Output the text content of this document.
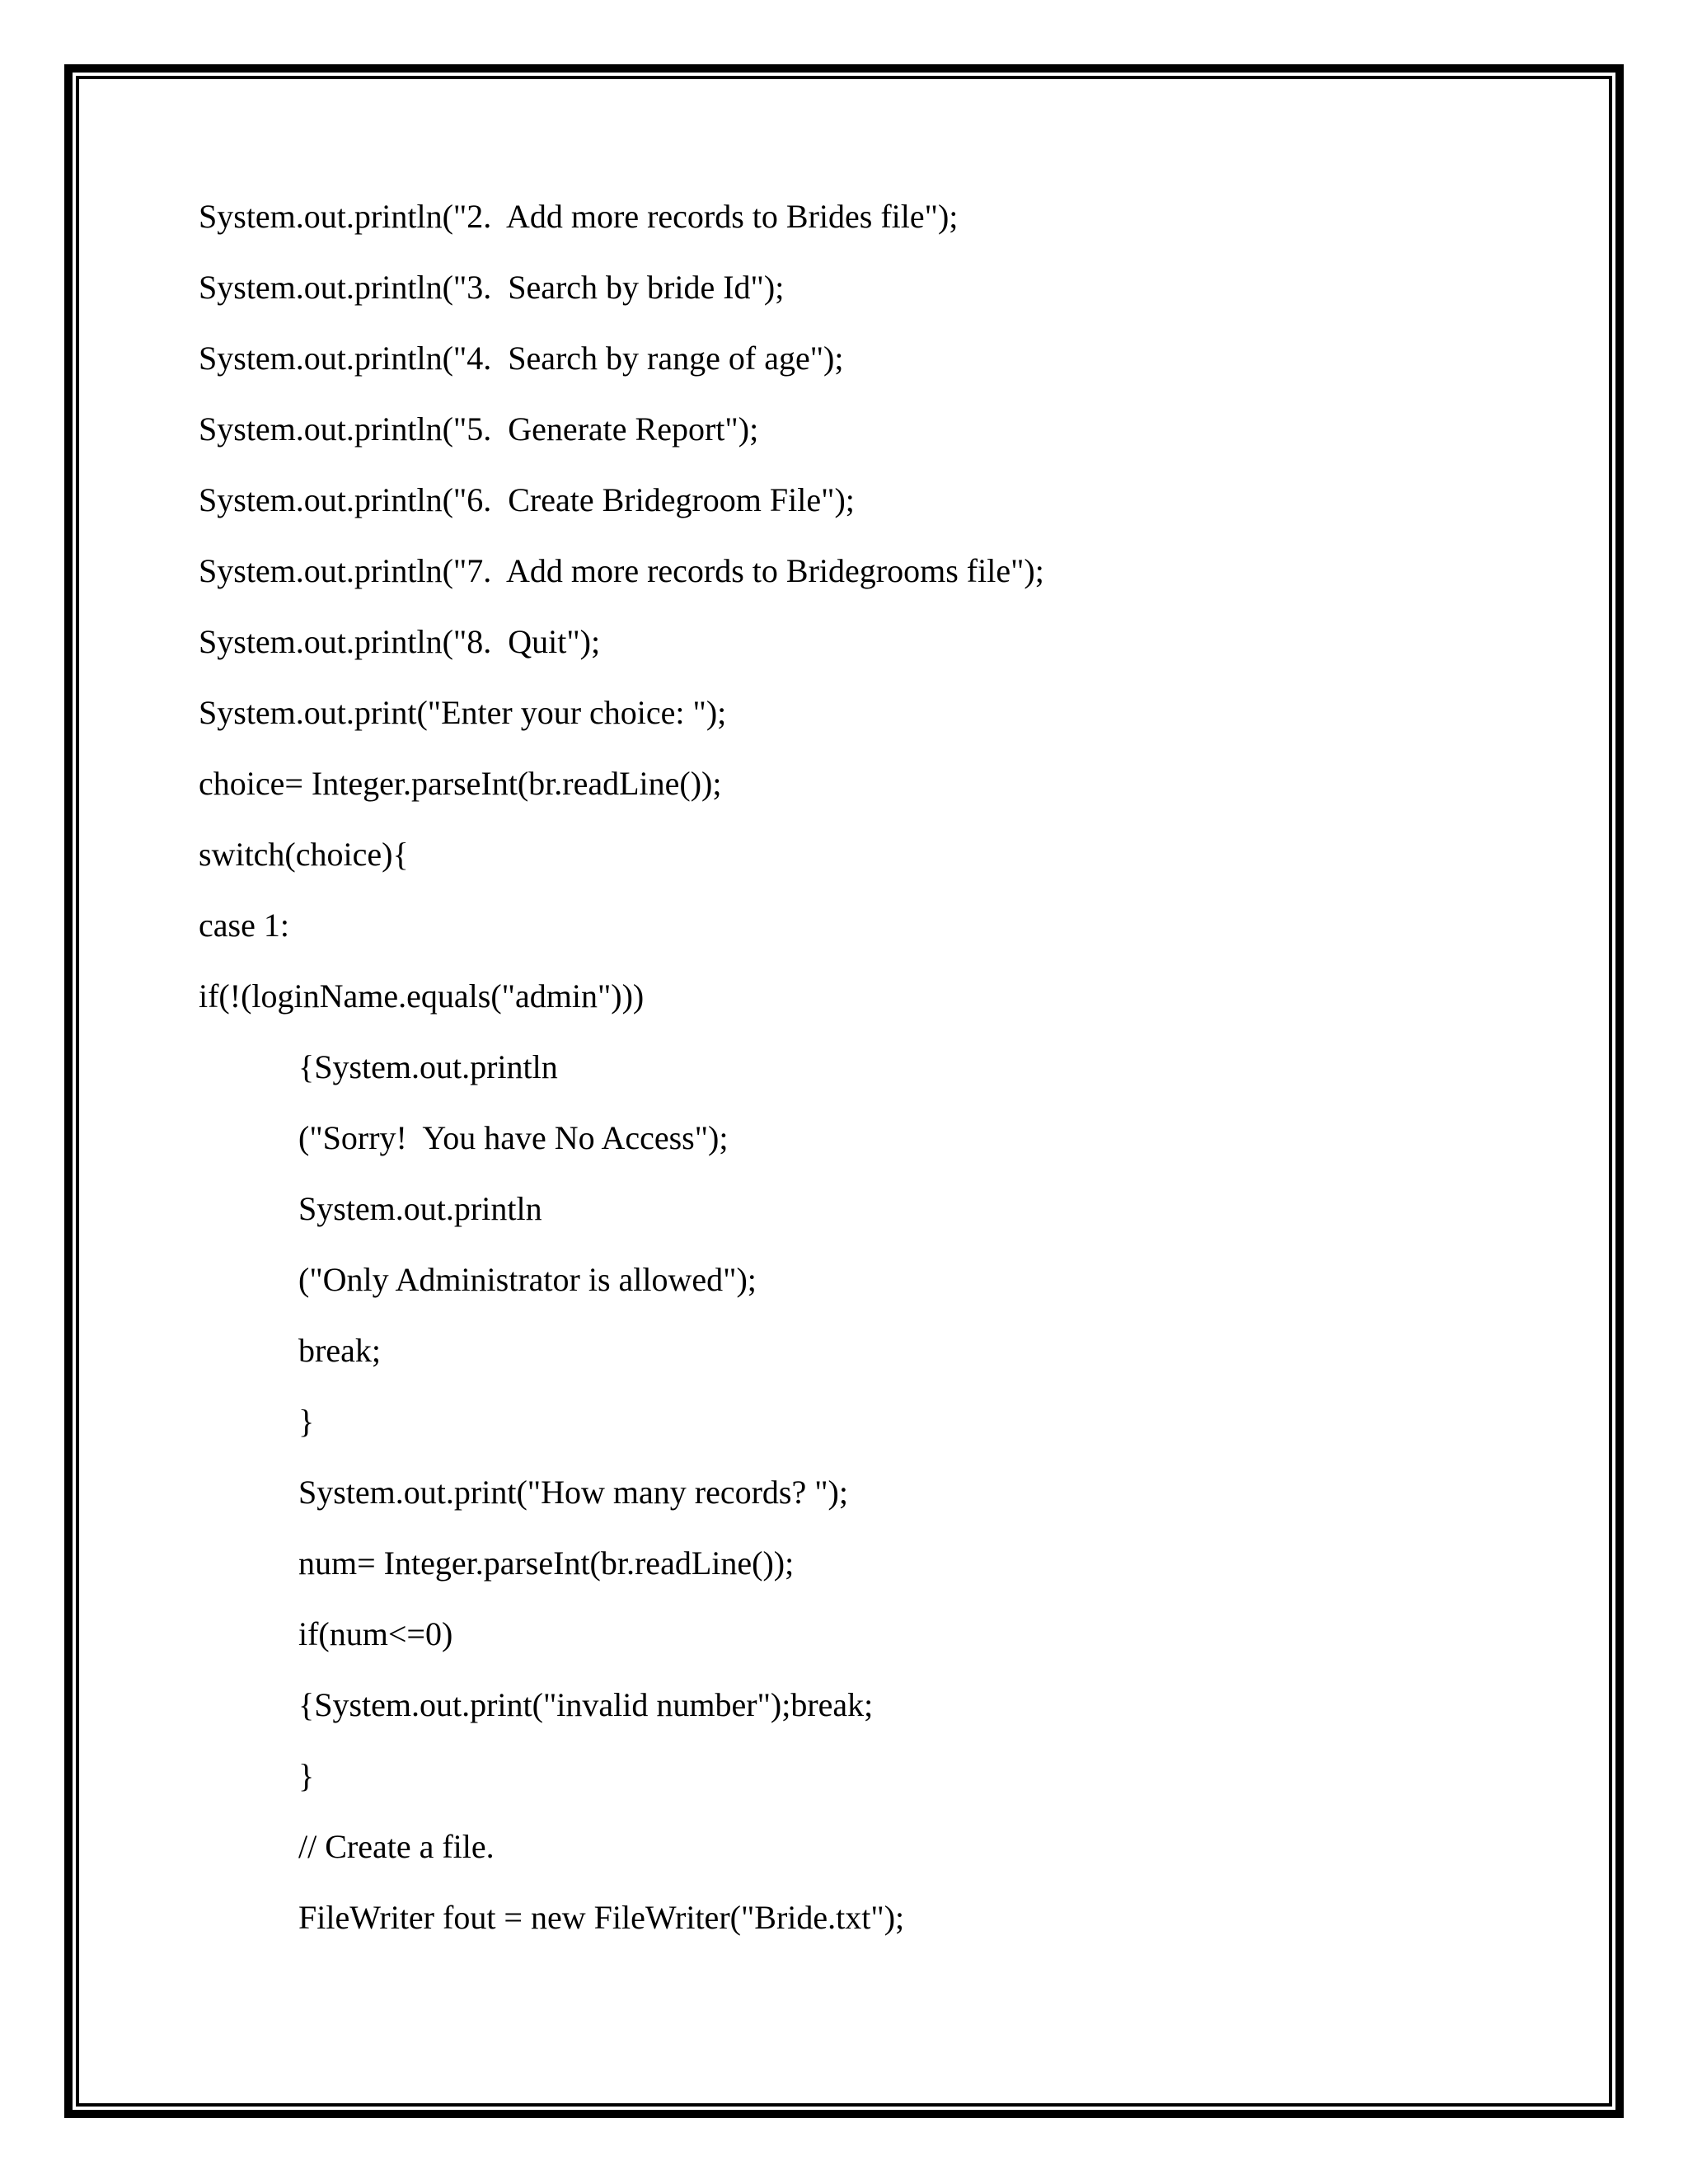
System.out.println("2.  Add more records to Brides file");

System.out.println("3.  Search by bride Id");

System.out.println("4.  Search by range of age");

System.out.println("5.  Generate Report");

System.out.println("6.  Create Bridegroom File");

System.out.println("7.  Add more records to Bridegrooms file");

System.out.println("8.  Quit");

System.out.print("Enter your choice: ");

choice= Integer.parseInt(br.readLine());

switch(choice){

case 1:

if(!(loginName.equals("admin")))

{System.out.println

("Sorry!  You have No Access");

System.out.println

("Only Administrator is allowed");

break;

}

System.out.print("How many records? ");

num= Integer.parseInt(br.readLine());

if(num<=0)

{System.out.print("invalid number");break;

}

// Create a file.

FileWriter fout = new FileWriter("Bride.txt");
